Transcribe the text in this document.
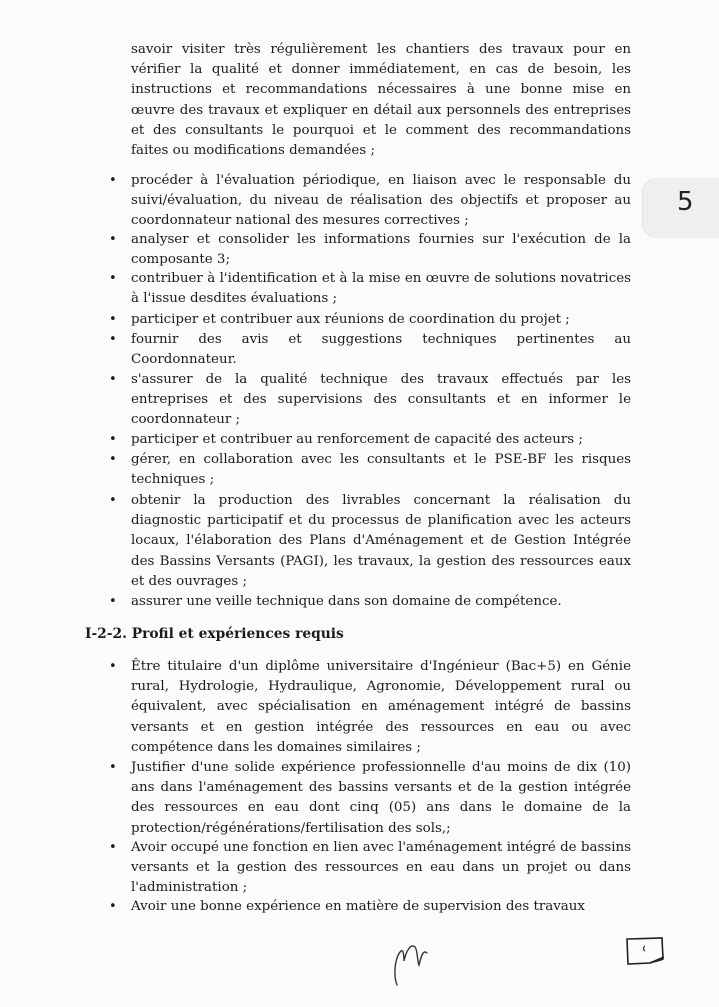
5

savoir visiter très régulièrement les chantiers des travaux pour en vérifier la qualité et donner immédiatement, en cas de besoin, les instructions et recommandations nécessaires à une bonne mise en œuvre des travaux et expliquer en détail aux personnels des entreprises et des consultants le pourquoi et le comment des recommandations faites ou modifications demandées ;

• procéder à l'évaluation périodique, en liaison avec le responsable du suivi/évaluation, du niveau de réalisation des objectifs et proposer au coordonnateur national des mesures correctives ;
• analyser et consolider les informations fournies sur l'exécution de la composante 3;
• contribuer à l'identification et à la mise en œuvre de solutions novatrices à l'issue desdites évaluations ;
• participer et contribuer aux réunions de coordination du projet ;
• fournir des avis et suggestions techniques pertinentes au Coordonnateur.
• s'assurer de la qualité technique des travaux effectués par les entreprises et des supervisions des consultants et en informer le coordonnateur ;
• participer et contribuer au renforcement de capacité des acteurs ;
• gérer, en collaboration avec les consultants et le PSE-BF les risques techniques ;
• obtenir la production des livrables concernant la réalisation du diagnostic participatif et du processus de planification avec les acteurs locaux, l'élaboration des Plans d'Aménagement et de Gestion Intégrée des Bassins Versants (PAGI), les travaux, la gestion des ressources eaux et des ouvrages ;
• assurer une veille technique dans son domaine de compétence.
I-2-2. Profil et expériences requis
• Être titulaire d'un diplôme universitaire d'Ingénieur (Bac+5) en Génie rural, Hydrologie, Hydraulique, Agronomie, Développement rural ou équivalent, avec spécialisation en aménagement intégré de bassins versants et en gestion intégrée des ressources en eau ou avec compétence dans les domaines similaires ;
• Justifier d'une solide expérience professionnelle d'au moins de dix (10) ans dans l'aménagement des bassins versants et de la gestion intégrée des ressources en eau dont cinq (05) ans dans le domaine de la protection/régénérations/fertilisation des sols,;
• Avoir occupé une fonction en lien avec l'aménagement intégré de bassins versants et la gestion des ressources en eau dans un projet ou dans l'administration ;
• Avoir une bonne expérience en matière de supervision des travaux
